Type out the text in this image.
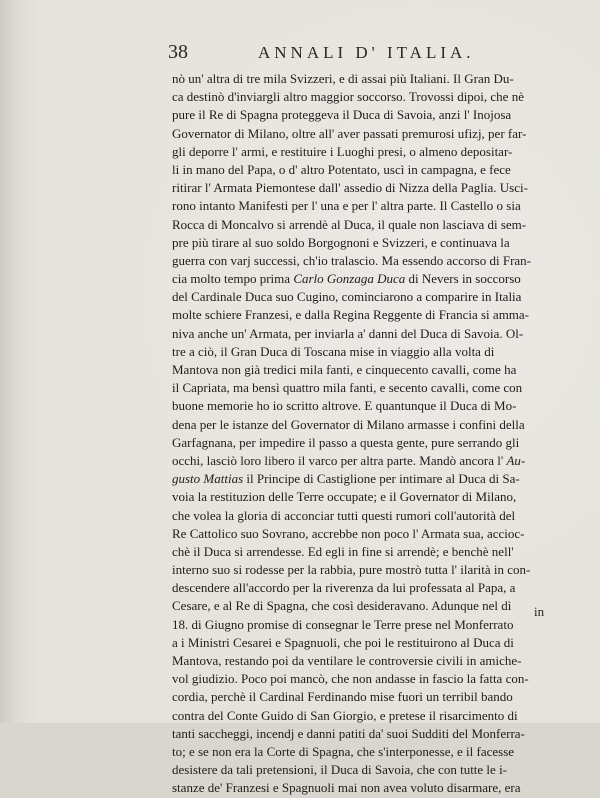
38	ANNALI D' ITALIA.
nò un' altra di tre mila Svizzeri, e di assai più Italiani. Il Gran Du-
ca destinò d'inviargli altro maggior soccorso. Trovossi dipoi, che nè
pure il Re di Spagna proteggeva il Duca di Savoia, anzi l' Inojosa
Governator di Milano, oltre all' aver passati premurosi ufizj, per far-
gli deporre l' armi, e restituire i Luoghi presi, o almeno depositar-
li in mano del Papa, o d' altro Potentato, uscì in campagna, e fece
ritirar l' Armata Piemontese dall' assedio di Nizza della Paglia. Usci-
rono intanto Manifesti per l' una e per l' altra parte. Il Castello o sia
Rocca di Moncalvo si arrendè al Duca, il quale non lasciava di sem-
pre più tirare al suo soldo Borgognoni e Svizzeri, e continuava la
guerra con varj successi, ch'io tralascio. Ma essendo accorso di Fran-
cia molto tempo prima Carlo Gonzaga Duca di Nevers in soccorso
del Cardinale Duca suo Cugino, cominciarono a comparire in Italia
molte schiere Franzesi, e dalla Regina Reggente di Francia si amma-
niva anche un' Armata, per inviarla a' danni del Duca di Savoia. Ol-
tre a ciò, il Gran Duca di Toscana mise in viaggio alla volta di
Mantova non già tredici mila fanti, e cinquecento cavalli, come ha
il Capriata, ma bensì quattro mila fanti, e secento cavalli, come con
buone memorie ho io scritto altrove. E quantunque il Duca di Mo-
dena per le istanze del Governator di Milano armasse i confini della
Garfagnana, per impedire il passo a questa gente, pure serrando gli
occhi, lasciò loro libero il varco per altra parte. Mandò ancora l' Au-
gusto Mattias il Principe di Castiglione per intimare al Duca di Sa-
voia la restituzion delle Terre occupate; e il Governator di Milano,
che volea la gloria di acconciar tutti questi rumori coll'autorità del
Re Cattolico suo Sovrano, accrebbe non poco l' Armata sua, accioc-
chè il Duca si arrendesse. Ed egli in fine si arrendè; e benchè nell'
interno suo si rodesse per la rabbia, pure mostrò tutta l' ilarità in con-
descendere all'accordo per la riverenza da lui professata al Papa, a
Cesare, e al Re di Spagna, che così desideravano. Adunque nel dì
18. di Giugno promise di consegnar le Terre prese nel Monferrato
a i Ministri Cesarei e Spagnuoli, che poi le restituirono al Duca di
Mantova, restando poi da ventilare le controversie civili in amiche-
vol giudizio. Poco poi mancò, che non andasse in fascio la fatta con-
cordia, perchè il Cardinal Ferdinando mise fuori un terribil bando
contra del Conte Guido di San Giorgio, e pretese il risarcimento di
tanti saccheggi, incendj e danni patiti da' suoi Sudditi del Monferra-
to; e se non era la Corte di Spagna, che s'interponesse, e il facesse
desistere da tali pretensioni, il Duca di Savoia, che con tutte le i-
stanze de' Franzesi e Spagnuoli mai non avea voluto disarmare, era
in
